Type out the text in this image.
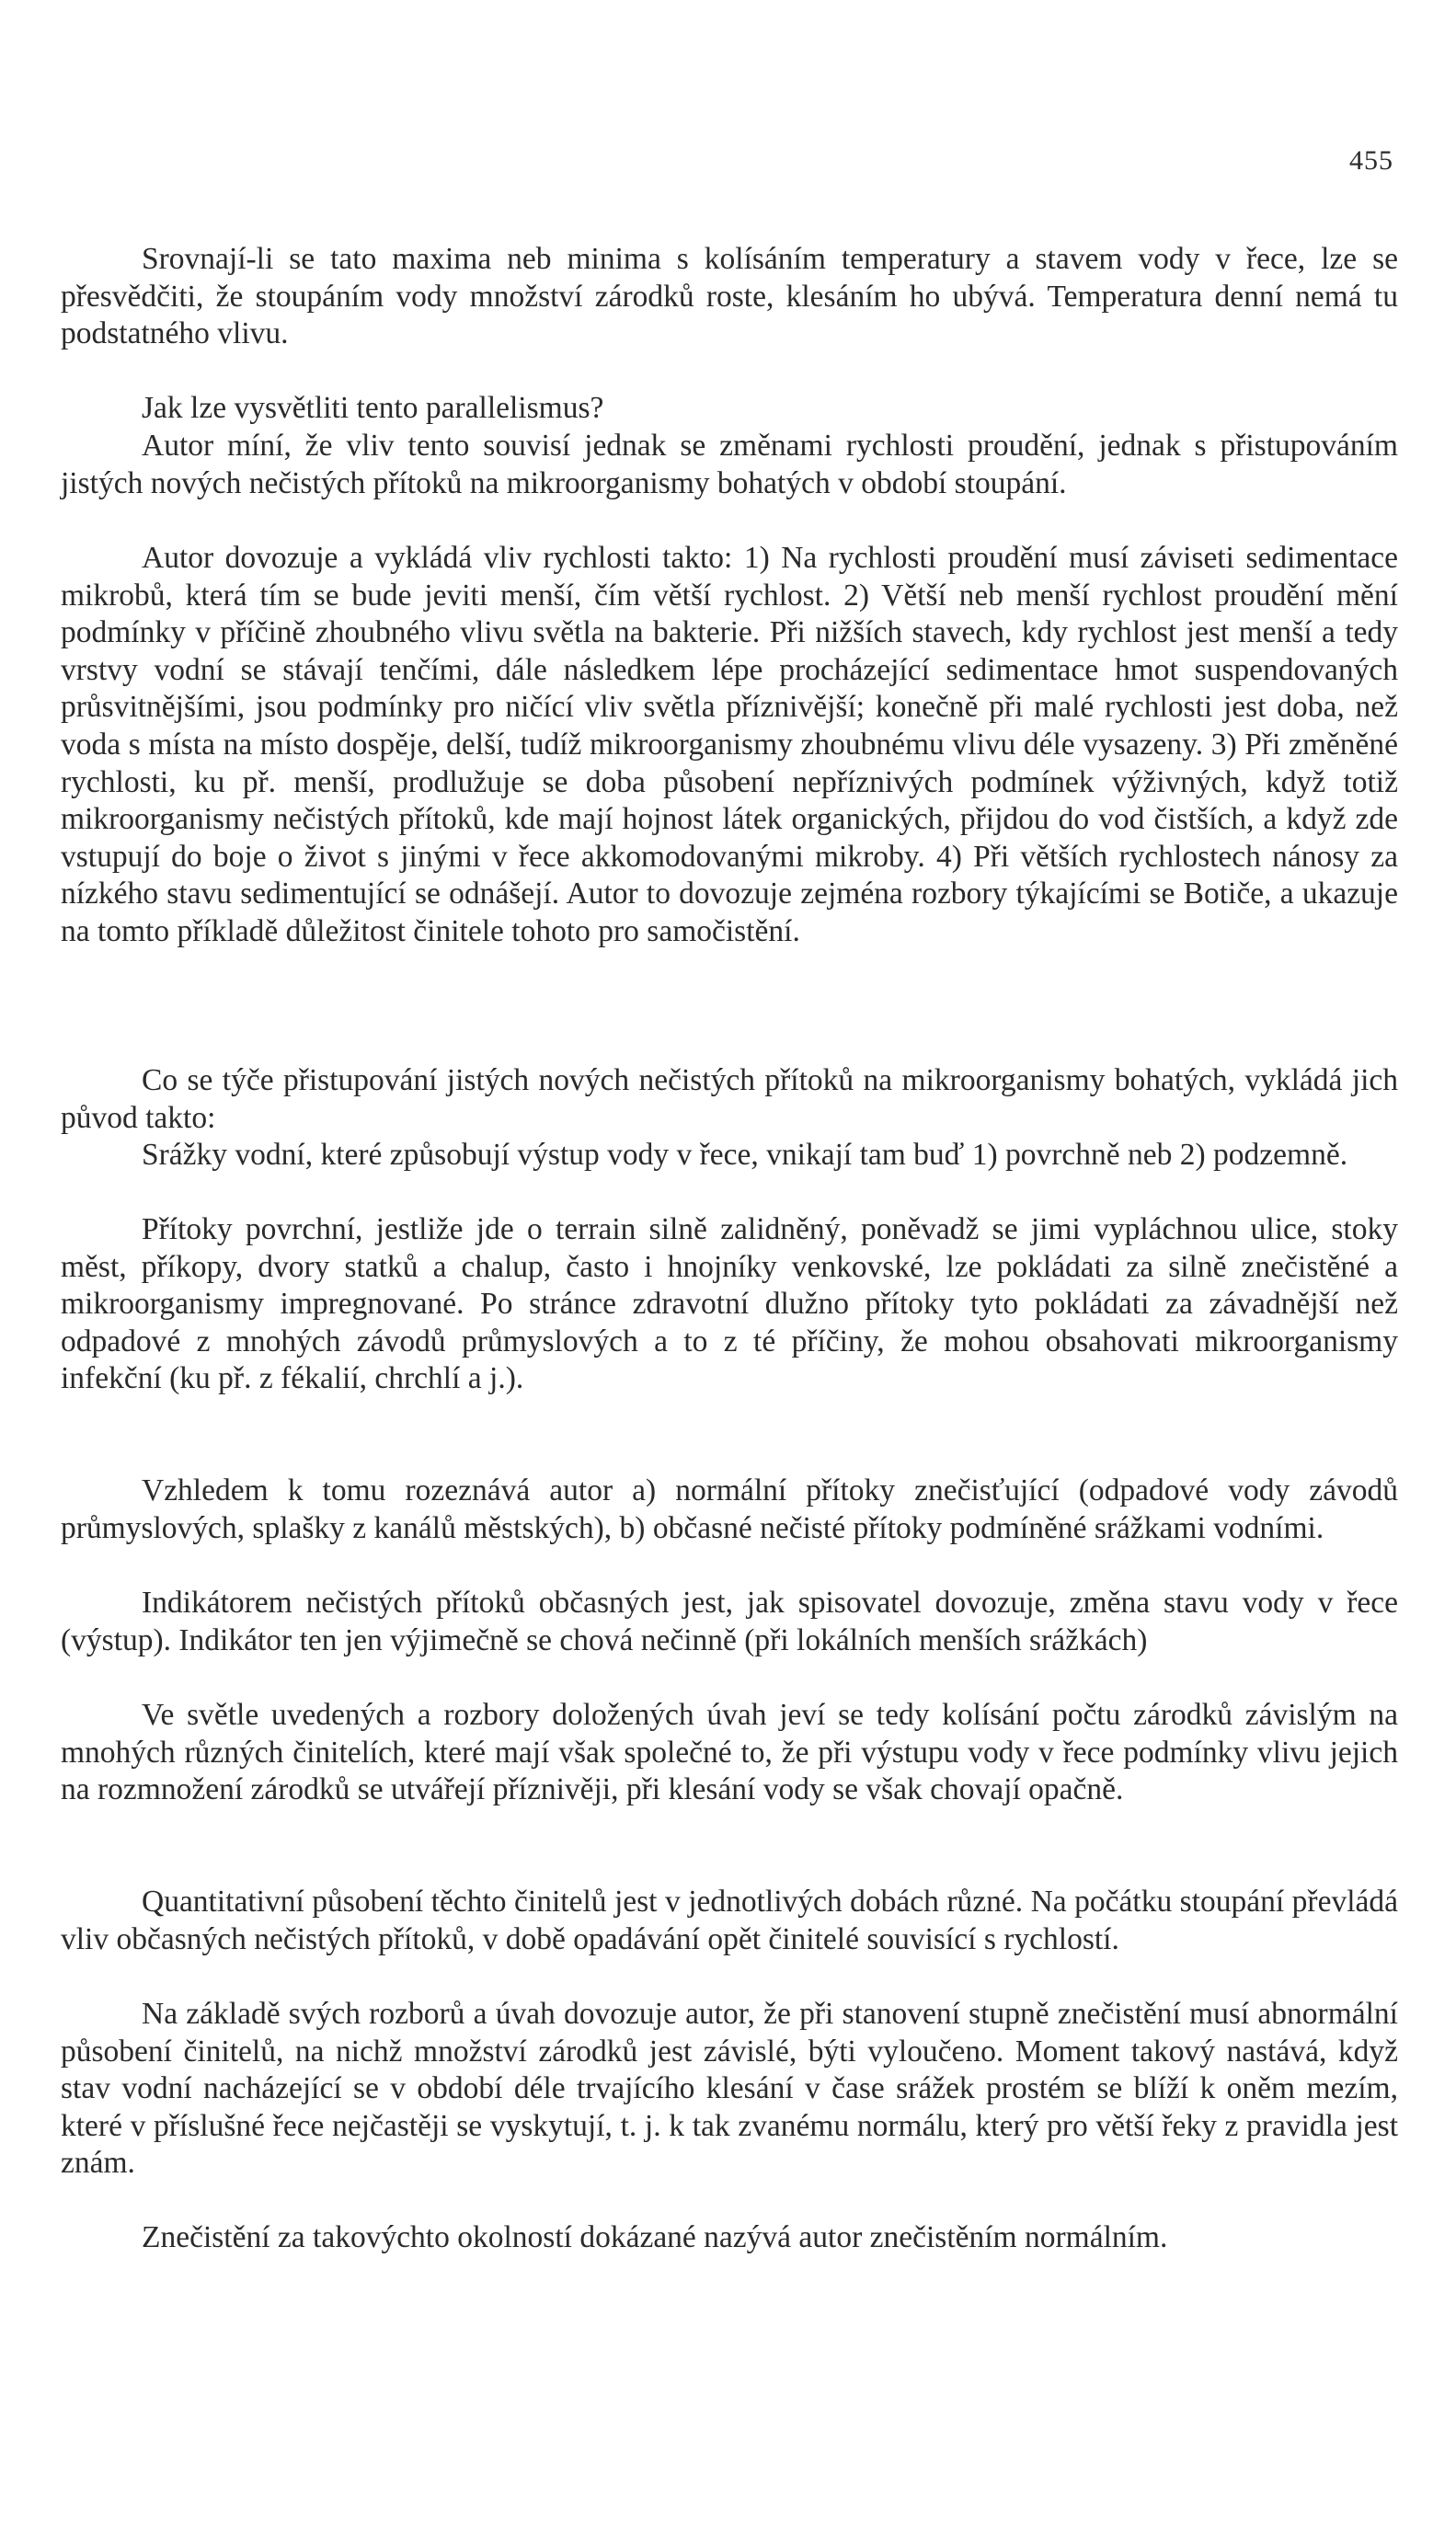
455

Srovnají-li se tato maxima neb minima s kolísáním temperatury a stavem vody v řece, lze se přesvědčiti, že stoupáním vody množství zárodků roste, klesáním ho ubývá. Temperatura denní nemá tu podstatného vlivu.

Jak lze vysvětliti tento parallelismus?

Autor míní, že vliv tento souvisí jednak se změnami rychlosti proudění, jednak s přistupováním jistých nových nečistých přítoků na mikroorganismy bohatých v období stoupání.

Autor dovozuje a vykládá vliv rychlosti takto: 1) Na rychlosti proudění musí záviseti sedimentace mikrobů, která tím se bude jeviti menší, čím větší rychlost. 2) Větší neb menší rychlost proudění mění podmínky v příčině zhoubného vlivu světla na bakterie. Při nižších stavech, kdy rychlost jest menší a tedy vrstvy vodní se stávají tenčími, dále následkem lépe procházející sedimentace hmot suspendovaných průsvitnějšími, jsou podmínky pro ničící vliv světla příznivější; konečně při malé rychlosti jest doba, než voda s místa na místo dospěje, delší, tudíž mikroorganismy zhoubnému vlivu déle vysazeny. 3) Při změněné rychlosti, ku př. menší, prodlužuje se doba působení nepříznivých podmínek výživných, když totiž mikroorganismy nečistých přítoků, kde mají hojnost látek organických, přijdou do vod čistších, a když zde vstupují do boje o život s jinými v řece akkomodovanými mikroby. 4) Při větších rychlostech nánosy za nízkého stavu sedimentující se odnášejí. Autor to dovozuje zejména rozbory týkajícími se Botiče, a ukazuje na tomto příkladě důležitost činitele tohoto pro samočistění.

Co se týče přistupování jistých nových nečistých přítoků na mikroorganismy bohatých, vykládá jich původ takto:

Srážky vodní, které způsobují výstup vody v řece, vnikají tam buď 1) povrchně neb 2) podzemně.

Přítoky povrchní, jestliže jde o terrain silně zalidněný, poněvadž se jimi vypláchnou ulice, stoky měst, příkopy, dvory statků a chalup, často i hnojníky venkovské, lze pokládati za silně znečistěné a mikroorganismy impregnované. Po stránce zdravotní dlužno přítoky tyto pokládati za závadnější než odpadové z mnohých závodů průmyslových a to z té příčiny, že mohou obsahovati mikroorganismy infekční (ku př. z fékalií, chrchlí a j.).

Vzhledem k tomu rozeznává autor a) normální přítoky znečisťující (odpadové vody závodů průmyslových, splašky z kanálů městských), b) občasné nečisté přítoky podmíněné srážkami vodními.

Indikátorem nečistých přítoků občasných jest, jak spisovatel dovozuje, změna stavu vody v řece (výstup). Indikátor ten jen výjimečně se chová nečinně (při lokálních menších srážkách)

Ve světle uvedených a rozbory doložených úvah jeví se tedy kolísání počtu zárodků závislým na mnohých různých činitelích, které mají však společné to, že při výstupu vody v řece podmínky vlivu jejich na rozmnožení zárodků se utvářejí příznivěji, při klesání vody se však chovají opačně.

Quantitativní působení těchto činitelů jest v jednotlivých dobách různé. Na počátku stoupání převládá vliv občasných nečistých přítoků, v době opadávání opět činitelé souvisící s rychlostí.

Na základě svých rozborů a úvah dovozuje autor, že při stanovení stupně znečistění musí abnormální působení činitelů, na nichž množství zárodků jest závislé, býti vyloučeno. Moment takový nastává, když stav vodní nacházející se v období déle trvajícího klesání v čase srážek prostém se blíží k oněm mezím, které v příslušné řece nejčastěji se vyskytují, t. j. k tak zvanému normálu, který pro větší řeky z pravidla jest znám.

Znečistění za takovýchto okolností dokázané nazývá autor znečistěním normálním.
